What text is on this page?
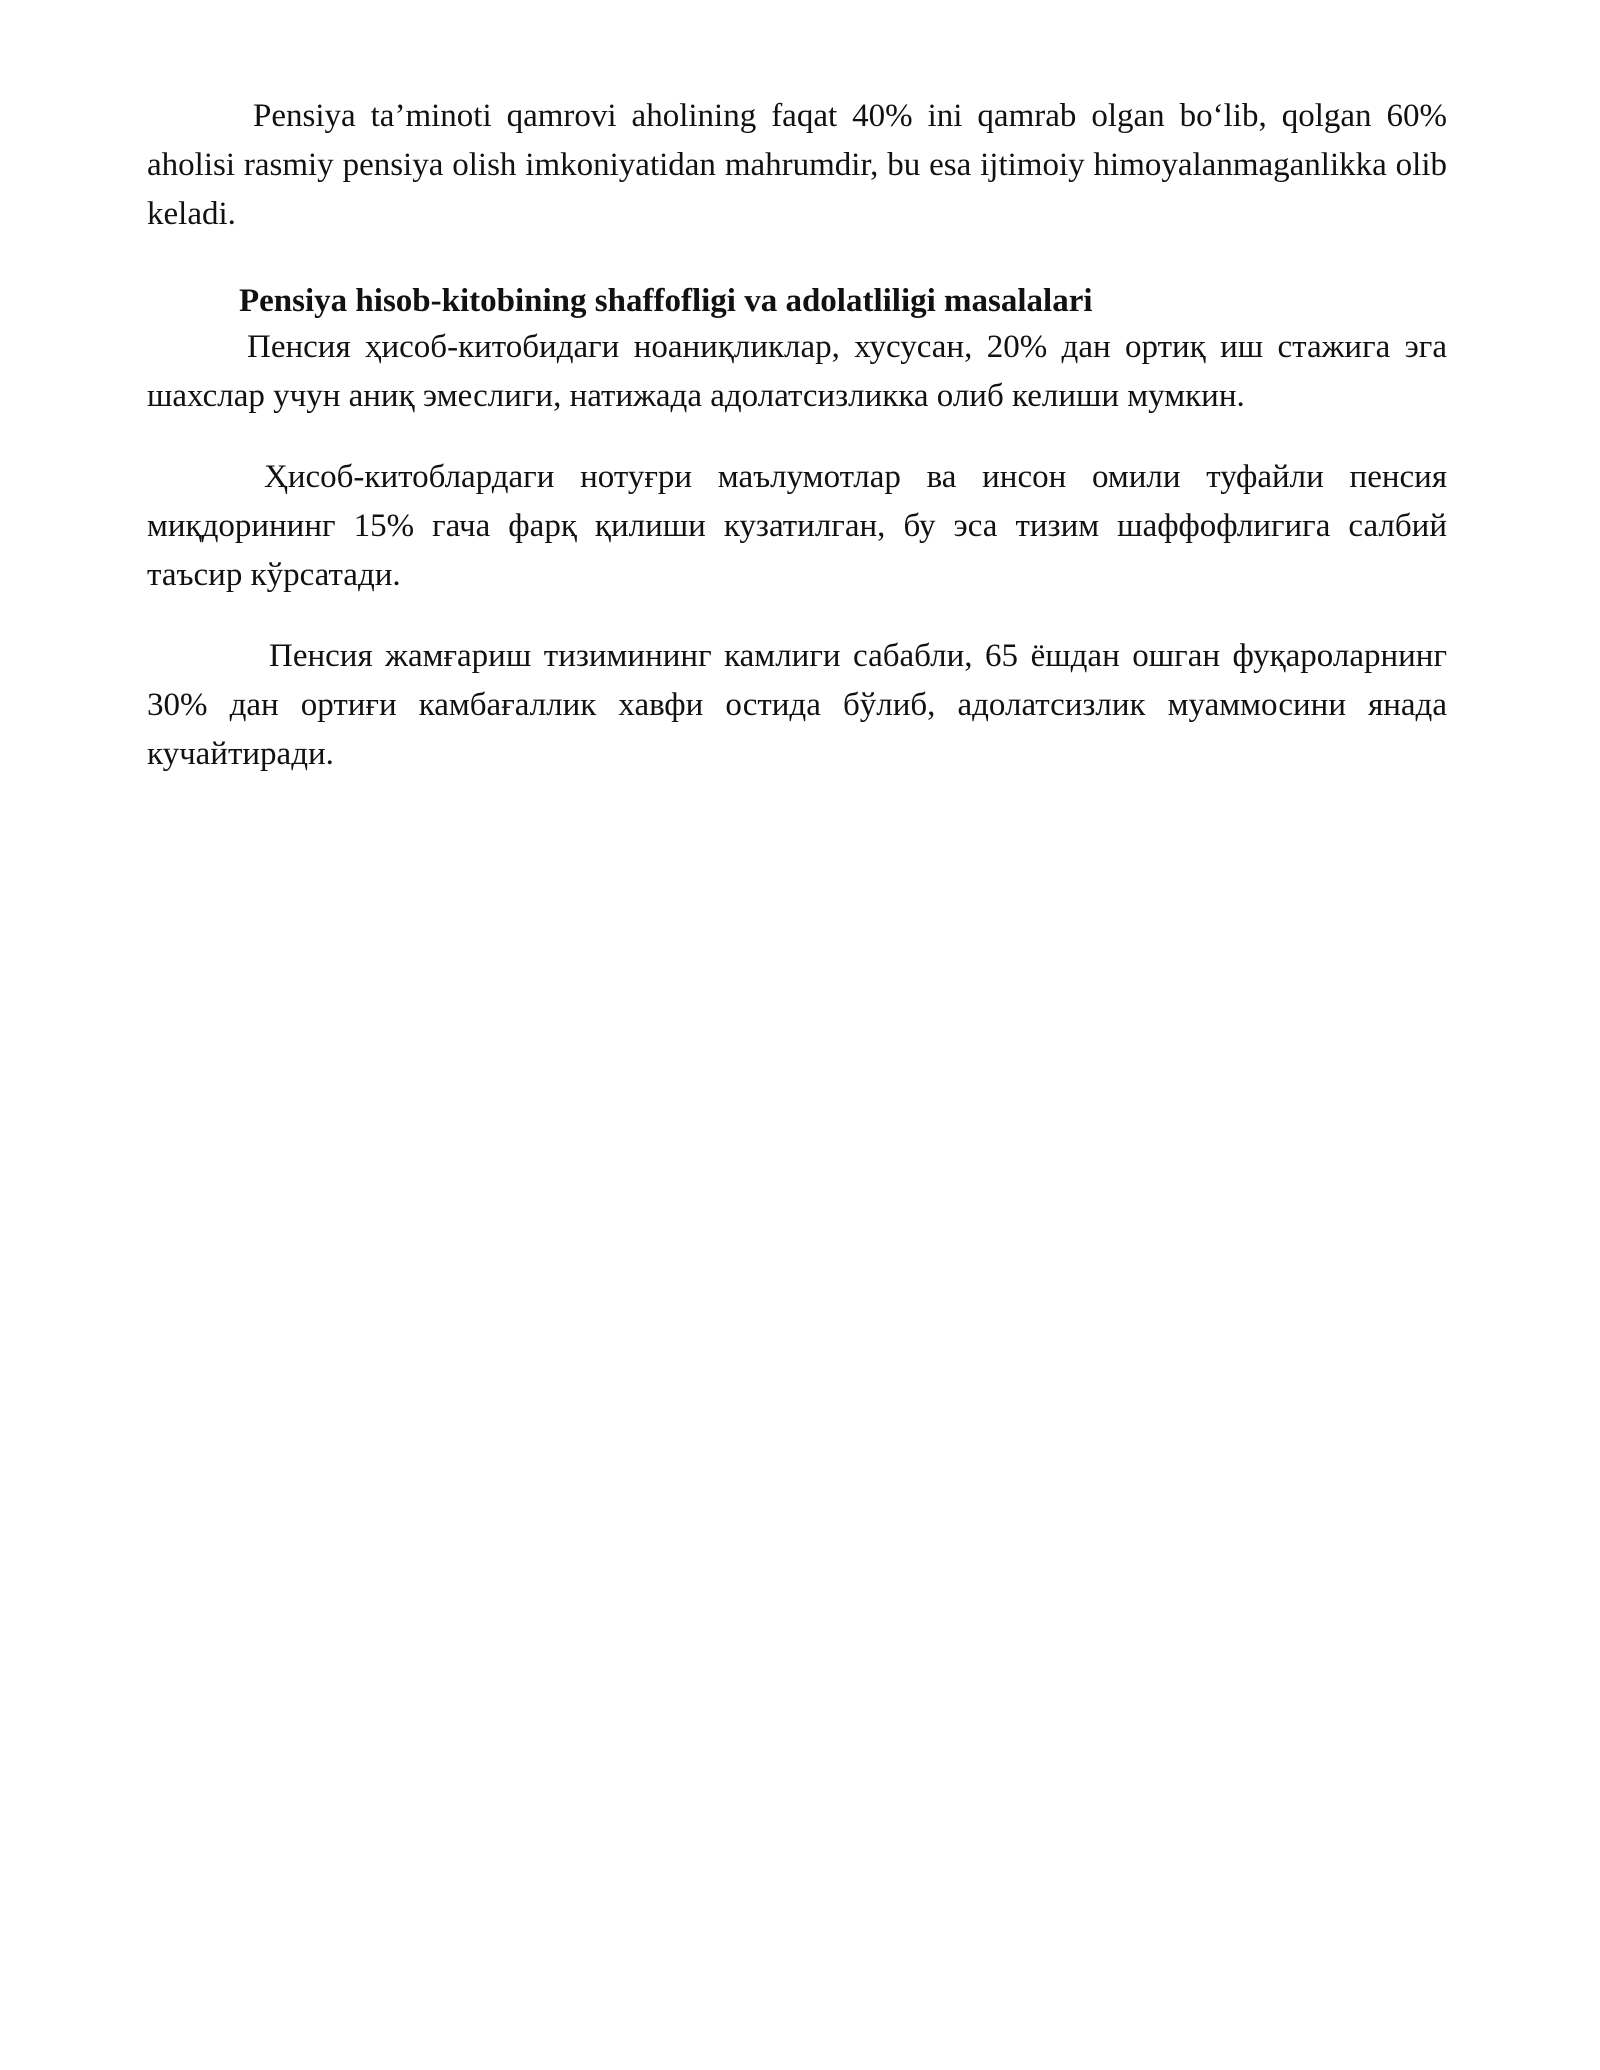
Pensiya ta’minoti qamrovi aholining faqat 40% ini qamrab olgan bo‘lib, qolgan 60% aholisi rasmiy pensiya olish imkoniyatidan mahrumdir, bu esa ijtimoiy himoyalanmaganlikka olib keladi.

Pensiya hisob-kitobining shaffofligi va adolatliligi masalalari

Пенсия ҳисоб-китобидаги ноаниқликлар, хусусан, 20% дан ортиқ иш стажига эга шахслар учун аниқ эмеслиги, натижада адолатсизликка олиб келиши мумкин.

Ҳисоб-китоблардаги нотуғри маълумотлар ва инсон омили туфайли пенсия миқдорининг 15% гача фарқ қилиши кузатилган, бу эса тизим шаффофлигига салбий таъсир кўрсатади.

Пенсия жамғариш тизимининг камлиги сабабли, 65 ёшдан ошган фуқароларнинг 30% дан ортиғи камбағаллик хавфи остида бўлиб, адолатсизлик муаммосини янада кучайтиради.
